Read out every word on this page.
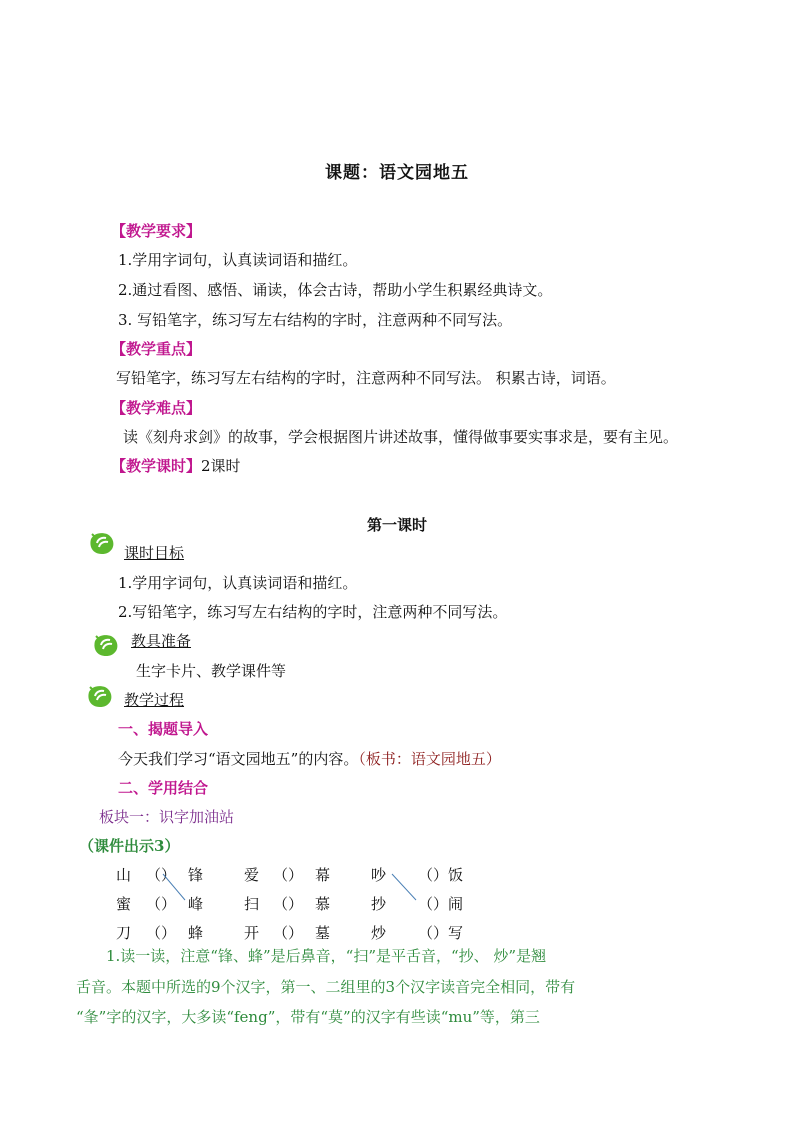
课题：语文园地五
【教学要求】
1.学用字词句，认真读词语和描红。
2.通过看图、感悟、诵读，体会古诗，帮助小学生积累经典诗文。
3. 写铅笔字，练习写左右结构的字时，注意两种不同写法。
【教学重点】
写铅笔字，练习写左右结构的字时，注意两种不同写法。 积累古诗，词语。
【教学难点】
读《刻舟求剑》的故事，学会根据图片讲述故事，懂得做事要实事求是，要有主见。
【教学课时】2课时
第一课时
课时目标
1.学用字词句，认真读词语和描红。
2.写铅笔字，练习写左右结构的字时，注意两种不同写法。
教具准备
生字卡片、教学课件等
教学过程
一、揭题导入
今天我们学习“语文园地五”的内容。（板书：语文园地五）
二、学用结合
板块一：识字加油站
（课件出示3）
山 （） 锋	爱 （） 幕	吵 （）饭
蜜 （） 峰	扫 （） 慕	抄 （）闹
刀 （） 蜂	开 （） 墓	炒 （）写
1.读一读，注意“锋、蜂”是后鼻音，“扫”是平舌音，“抄、 炒”是翘
舌音。本题中所选的9个汉字，第一、二组里的3个汉字读音完全相同，带有
“夆”字的汉字，大多读“feng”，带有“莫”的汉字有些读“mu”等，第三
